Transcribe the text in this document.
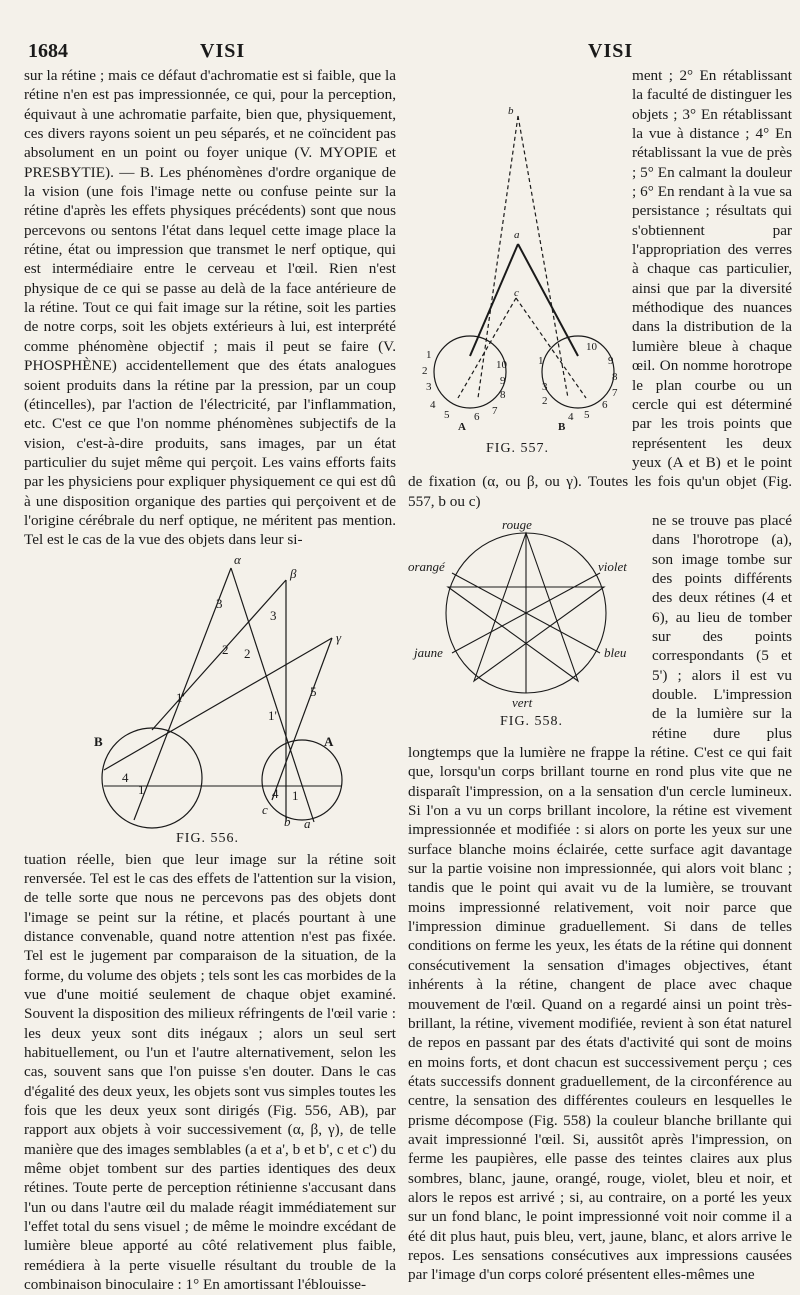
1684	VISI	VISI

sur la rétine ; mais ce défaut d'achromatie est si faible, que la rétine n'en est pas impressionnée, ce qui, pour la perception, équivaut à une achromatie parfaite, bien que, physiquement, ces divers rayons soient un peu séparés, et ne coïncident pas absolument en un point ou foyer unique (V. MYOPIE et PRESBYTIE). — B. Les phénomènes d'ordre organique de la vision (une fois l'image nette ou confuse peinte sur la rétine d'après les effets physiques précédents) sont que nous percevons ou sentons l'état dans lequel cette image place la rétine, état ou impression que transmet le nerf optique, qui est intermédiaire entre le cerveau et l'œil. Rien n'est physique de ce qui se passe au delà de la face antérieure de la rétine. Tout ce qui fait image sur la rétine, soit les parties de notre corps, soit les objets extérieurs à lui, est interprété comme phénomène objectif ; mais il peut se faire (V. PHOSPHÈNE) accidentellement que des états analogues soient produits dans la rétine par la pression, par un coup (étincelles), par l'action de l'électricité, par l'inflammation, etc. C'est ce que l'on nomme phénomènes subjectifs de la vision, c'est-à-dire produits, sans images, par un état particulier du sujet même qui perçoit. Les vains efforts faits par les physiciens pour expliquer physiquement ce qui est dû à une disposition organique des parties qui perçoivent et de l'origine cérébrale du nerf optique, ne méritent pas mention. Tel est le cas de la vue des objets dans leur si-

α
β
γ
B	A
3
3
2 2
1'
1'
5
4
4
1	1
c
b a
FIG. 556.

tuation réelle, bien que leur image sur la rétine soit renversée. Tel est le cas des effets de l'attention sur la vision, de telle sorte que nous ne percevons pas des objets dont l'image se peint sur la rétine, et placés pourtant à une distance convenable, quand notre attention n'est pas fixée. Tel est le jugement par comparaison de la situation, de la forme, du volume des objets ; tels sont les cas morbides de la vue d'une moitié seulement de chaque objet examiné. Souvent la disposition des milieux réfringents de l'œil varie : les deux yeux sont dits inégaux ; alors un seul sert habituellement, ou l'un et l'autre alternativement, selon les cas, souvent sans que l'on puisse s'en douter. Dans le cas d'égalité des deux yeux, les objets sont vus simples toutes les fois que les deux yeux sont dirigés (Fig. 556, AB), par rapport aux objets à voir successivement (α, β, γ), de telle manière que des images semblables (a et a', b et b', c et c') du même objet tombent sur des parties identiques des deux rétines. Toute perte de perception rétinienne s'accusant dans l'un ou dans l'autre œil du malade réagit immédiatement sur l'effet total du sens visuel ; de même le moindre excédant de lumière bleue apporté au côté relativement plus faible, remédiera à la perte visuelle résultant du trouble de la combinaison binoculaire : 1° En amortissant l'éblouisse-

b
a
c
1
2
3
4
5 6 7
8
9
10	1
2
3
4 5
6
7
8
9
10
A	B
FIG. 557.

ment ; 2° En rétablissant la faculté de distinguer les objets ; 3° En rétablissant la vue à distance ; 4° En rétablissant la vue de près ; 5° En calmant la douleur ; 6° En rendant à la vue sa persistance ; résultats qui s'obtiennent par l'appropriation des verres à chaque cas particulier, ainsi que par la diversité méthodique des nuances dans la distribution de la lumière bleue à chaque œil. On nomme horotrope le plan courbe ou un cercle qui est déterminé par les trois points que représentent les deux yeux (A et B) et le point de fixation (α, ou β, ou γ). Toutes les fois qu'un objet (Fig. 557, b ou c)

rouge
orangé	violet
jaune	bleu
vert
FIG. 558.

ne se trouve pas placé dans l'horotrope (a), son image tombe sur des points différents des deux rétines (4 et 6), au lieu de tomber sur des points correspondants (5 et 5') ; alors il est vu double. L'impression de la lumière sur la rétine dure plus longtemps que la lumière ne frappe la rétine. C'est ce qui fait que, lorsqu'un corps brillant tourne en rond plus vite que ne disparaît l'impression, on a la sensation d'un cercle lumineux. Si l'on a vu un corps brillant incolore, la rétine est vivement impressionnée et modifiée : si alors on porte les yeux sur une surface blanche moins éclairée, cette surface agit davantage sur la partie voisine non impressionnée, qui alors voit blanc ; tandis que le point qui avait vu de la lumière, se trouvant moins impressionné relativement, voit noir parce que l'impression diminue graduellement. Si dans de telles conditions on ferme les yeux, les états de la rétine qui donnent consécutivement la sensation d'images objectives, étant inhérents à la rétine, changent de place avec chaque mouvement de l'œil. Quand on a regardé ainsi un point très-brillant, la rétine, vivement modifiée, revient à son état naturel de repos en passant par des états d'activité qui sont de moins en moins forts, et dont chacun est successivement perçu ; ces états successifs donnent graduellement, de la circonférence au centre, la sensation des différentes couleurs en lesquelles le prisme décompose (Fig. 558) la couleur blanche brillante qui avait impressionné l'œil. Si, aussitôt après l'impression, on ferme les paupières, elle passe des teintes claires aux plus sombres, blanc, jaune, orangé, rouge, violet, bleu et noir, et alors le repos est arrivé ; si, au contraire, on a porté les yeux sur un fond blanc, le point impressionné voit noir comme il a été dit plus haut, puis bleu, vert, jaune, blanc, et alors arrive le repos. Les sensations consécutives aux impressions causées par l'image d'un corps coloré présentent elles-mêmes une
